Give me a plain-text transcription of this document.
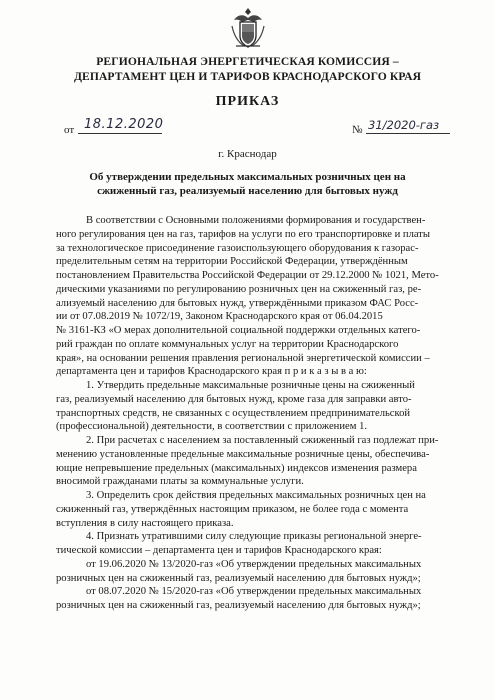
РЕГИОНАЛЬНАЯ ЭНЕРГЕТИЧЕСКАЯ КОМИССИЯ –
ДЕПАРТАМЕНТ ЦЕН И ТАРИФОВ КРАСНОДАРСКОГО КРАЯ
ПРИКАЗ
от 18.12.2020	№ 31/2020-газ
г. Краснодар
Об утверждении предельных максимальных розничных цен на
сжиженный газ, реализуемый населению для бытовых нужд
В соответствии с Основными положениями формирования и государствен-
ного регулирования цен на газ, тарифов на услуги по его транспортировке и платы
за технологическое присоединение газоиспользующего оборудования к газорас-
пределительным сетям на территории Российской Федерации, утверждённым
постановлением Правительства Российской Федерации от 29.12.2000 № 1021, Мето-
дическими указаниями по регулированию розничных цен на сжиженный газ, ре-
ализуемый населению для бытовых нужд, утверждёнными приказом ФАС Росс-
ии от 07.08.2019 № 1072/19, Законом Краснодарского края от 06.04.2015
№ 3161-КЗ «О мерах дополнительной социальной поддержки отдельных катего-
рий граждан по оплате коммунальных услуг на территории Краснодарского
края», на основании решения правления региональной энергетической комиссии –
департамента цен и тарифов Краснодарского края п р и к а з ы в а ю:
1. Утвердить предельные максимальные розничные цены на сжиженный
газ, реализуемый населению для бытовых нужд, кроме газа для заправки авто-
транспортных средств, не связанных с осуществлением предпринимательской
(профессиональной) деятельности, в соответствии с приложением 1.
2. При расчетах с населением за поставленный сжиженный газ подлежат при-
менению установленные предельные максимальные розничные цены, обеспечива-
ющие непревышение предельных (максимальных) индексов изменения размера
вносимой гражданами платы за коммунальные услуги.
3. Определить срок действия предельных максимальных розничных цен на
сжиженный газ, утверждённых настоящим приказом, не более года с момента
вступления в силу настоящего приказа.
4. Признать утратившими силу следующие приказы региональной энерге-
тической комиссии – департамента цен и тарифов Краснодарского края:
от 19.06.2020 № 13/2020-газ «Об утверждении предельных максимальных
розничных цен на сжиженный газ, реализуемый населению для бытовых нужд»;
от 08.07.2020 № 15/2020-газ «Об утверждении предельных максимальных
розничных цен на сжиженный газ, реализуемый населению для бытовых нужд»;
